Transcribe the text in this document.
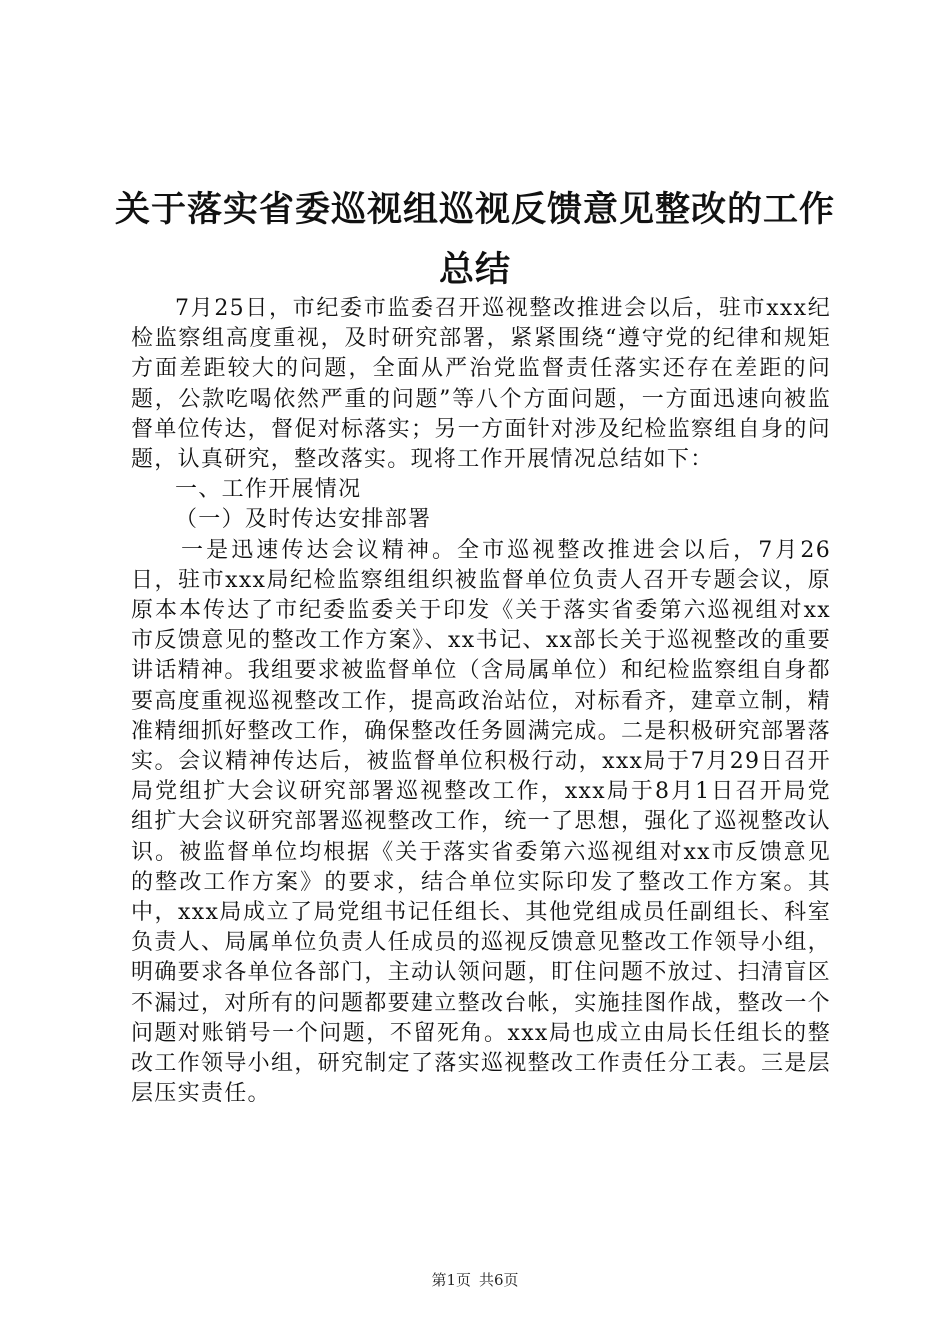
关于落实省委巡视组巡视反馈意见整改的工作
总结

7月25日，市纪委市监委召开巡视整改推进会以后，驻市xxx纪检监察组高度重视，及时研究部署，紧紧围绕“遵守党的纪律和规矩方面差距较大的问题，全面从严治党监督责任落实还存在差距的问题，公款吃喝依然严重的问题”等八个方面问题，一方面迅速向被监督单位传达，督促对标落实；另一方面针对涉及纪检监察组自身的问题，认真研究，整改落实。现将工作开展情况总结如下：

一、工作开展情况

（一）及时传达安排部署

一是迅速传达会议精神。全市巡视整改推进会以后，7月26日，驻市xxx局纪检监察组组织被监督单位负责人召开专题会议，原原本本传达了市纪委监委关于印发《关于落实省委第六巡视组对xx市反馈意见的整改工作方案》、xx书记、xx部长关于巡视整改的重要讲话精神。我组要求被监督单位（含局属单位）和纪检监察组自身都要高度重视巡视整改工作，提高政治站位，对标看齐，建章立制，精准精细抓好整改工作，确保整改任务圆满完成。二是积极研究部署落实。会议精神传达后，被监督单位积极行动，xxx局于7月29日召开局党组扩大会议研究部署巡视整改工作，xxx局于8月1日召开局党组扩大会议研究部署巡视整改工作，统一了思想，强化了巡视整改认识。被监督单位均根据《关于落实省委第六巡视组对xx市反馈意见的整改工作方案》的要求，结合单位实际印发了整改工作方案。其中，xxx局成立了局党组书记任组长、其他党组成员任副组长、科室负责人、局属单位负责人任成员的巡视反馈意见整改工作领导小组，明确要求各单位各部门，主动认领问题，盯住问题不放过、扫清盲区不漏过，对所有的问题都要建立整改台帐，实施挂图作战，整改一个问题对账销号一个问题，不留死角。xxx局也成立由局长任组长的整改工作领导小组，研究制定了落实巡视整改工作责任分工表。三是层层压实责任。

第1页 共6页
